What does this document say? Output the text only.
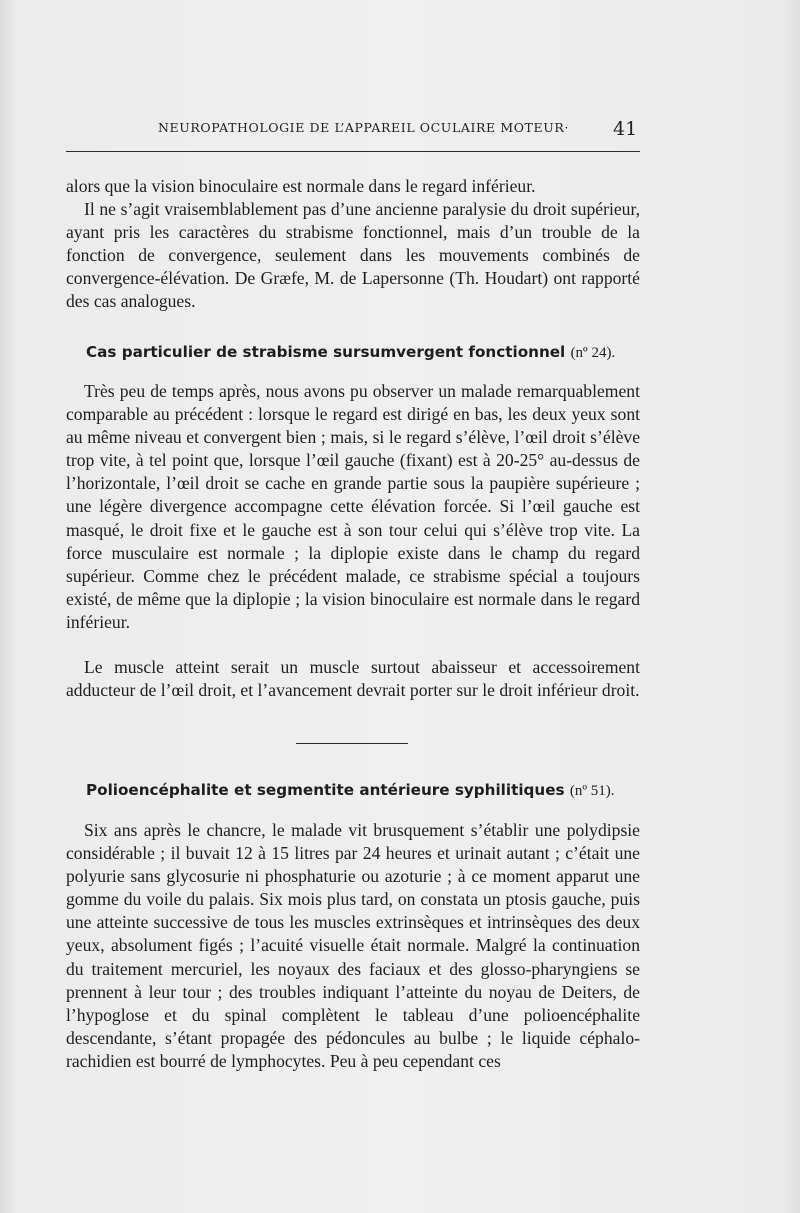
NEUROPATHOLOGIE DE L’APPAREIL OCULAIRE MOTEUR· 41

alors que la vision binoculaire est normale dans le regard inférieur.

Il ne s’agit vraisemblablement pas d’une ancienne paralysie du droit supérieur, ayant pris les caractères du strabisme fonctionnel, mais d’un trouble de la fonction de convergence, seulement dans les mouvements combinés de convergence-élévation. De Græfe, M. de Lapersonne (Th. Houdart) ont rapporté des cas analogues.

Cas particulier de strabisme sursumvergent fonctionnel (nº 24).

Très peu de temps après, nous avons pu observer un malade remarquablement comparable au précédent : lorsque le regard est dirigé en bas, les deux yeux sont au même niveau et convergent bien ; mais, si le regard s’élève, l’œil droit s’élève trop vite, à tel point que, lorsque l’œil gauche (fixant) est à 20-25° au-dessus de l’horizontale, l’œil droit se cache en grande partie sous la paupière supérieure ; une légère divergence accompagne cette élévation forcée. Si l’œil gauche est masqué, le droit fixe et le gauche est à son tour celui qui s’élève trop vite. La force musculaire est normale ; la diplopie existe dans le champ du regard supérieur. Comme chez le précédent malade, ce strabisme spécial a toujours existé, de même que la diplopie ; la vision binoculaire est normale dans le regard inférieur.

Le muscle atteint serait un muscle surtout abaisseur et accessoirement adducteur de l’œil droit, et l’avancement devrait porter sur le droit inférieur droit.

Polioencéphalite et segmentite antérieure syphilitiques (nº 51).

Six ans après le chancre, le malade vit brusquement s’établir une polydipsie considérable ; il buvait 12 à 15 litres par 24 heures et urinait autant ; c’était une polyurie sans glycosurie ni phosphaturie ou azoturie ; à ce moment apparut une gomme du voile du palais. Six mois plus tard, on constata un ptosis gauche, puis une atteinte successive de tous les muscles extrinsèques et intrinsèques des deux yeux, absolument figés ; l’acuité visuelle était normale. Malgré la continuation du traitement mercuriel, les noyaux des faciaux et des glosso-pharyngiens se prennent à leur tour ; des troubles indiquant l’atteinte du noyau de Deiters, de l’hypoglose et du spinal complètent le tableau d’une polioencéphalite descendante, s’étant propagée des pédoncules au bulbe ; le liquide céphalo-rachidien est bourré de lymphocytes. Peu à peu cependant ces
